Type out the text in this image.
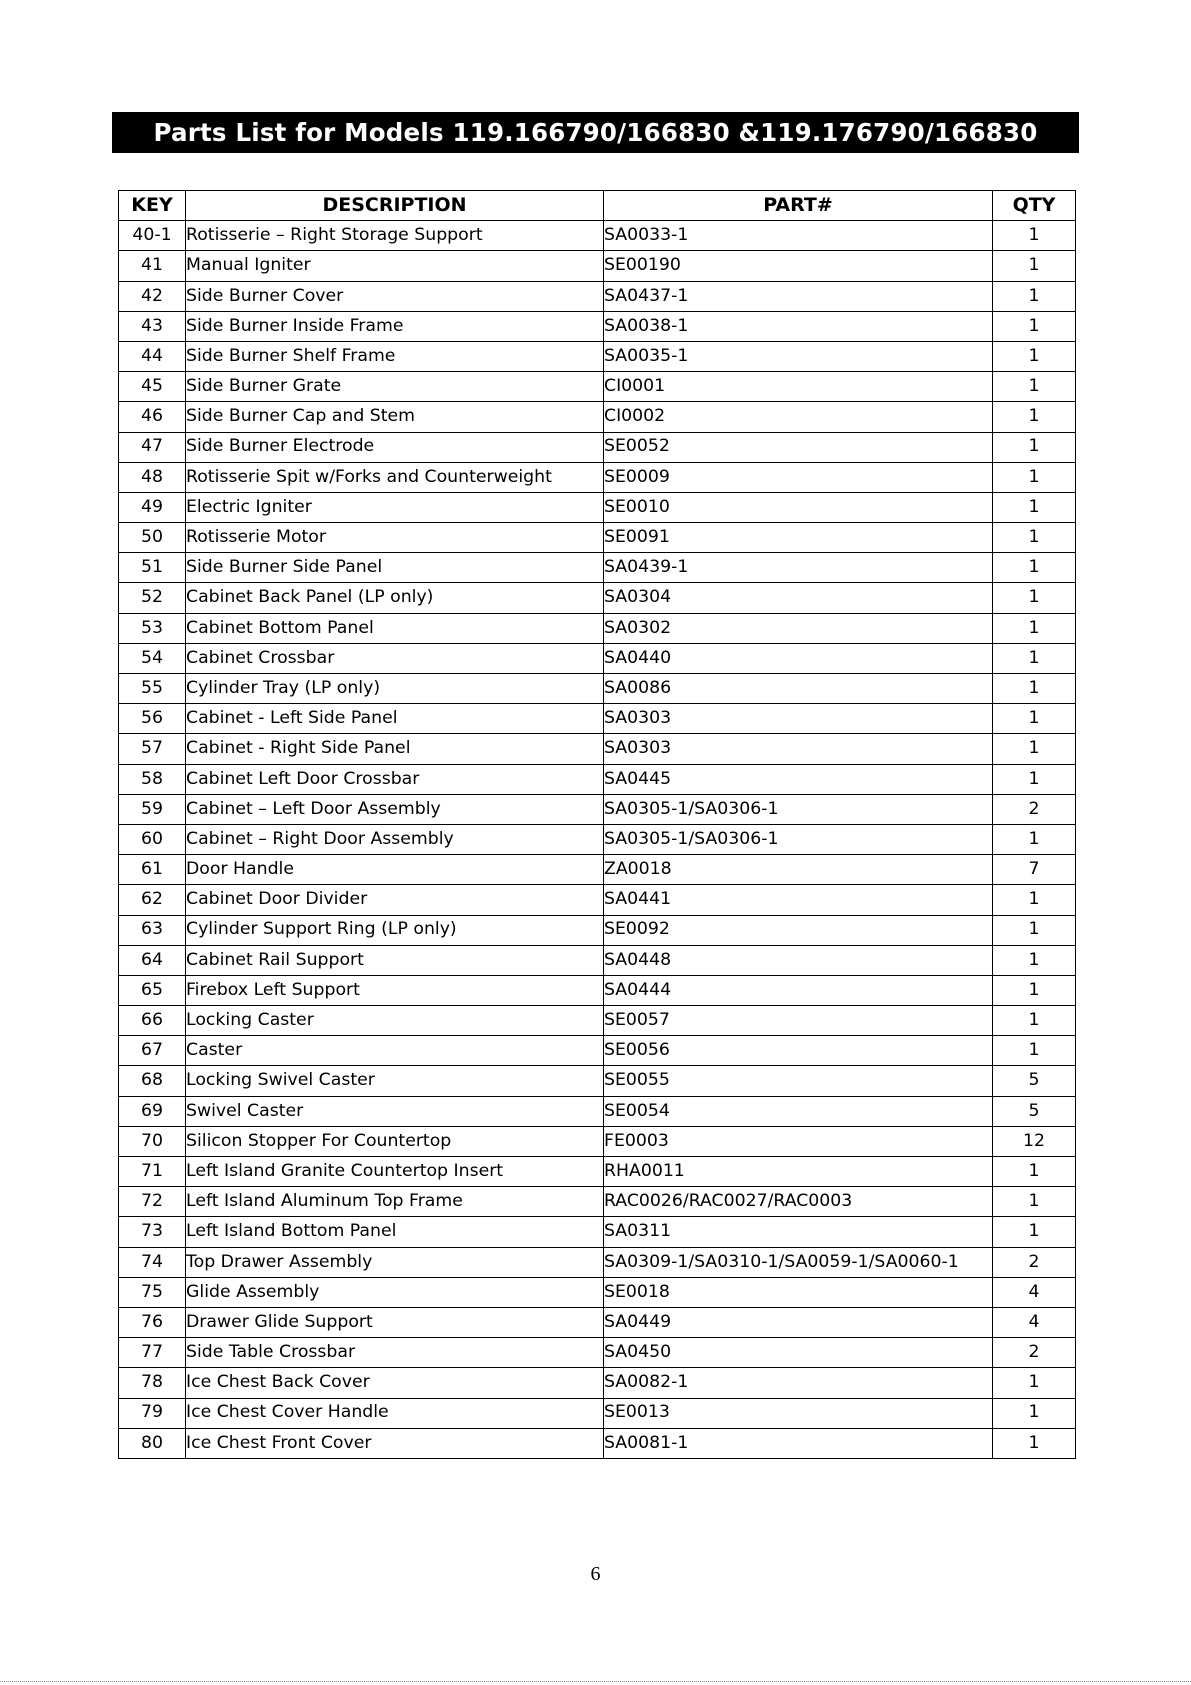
Parts List for Models 119.166790/166830 &119.176790/166830
KEY	DESCRIPTION	PART#	QTY
40-1	Rotisserie – Right Storage Support	SA0033-1	1
41	Manual Igniter	SE00190	1
42	Side Burner Cover	SA0437-1	1
43	Side Burner Inside Frame	SA0038-1	1
44	Side Burner Shelf Frame	SA0035-1	1
45	Side Burner Grate	CI0001	1
46	Side Burner Cap and Stem	CI0002	1
47	Side Burner Electrode	SE0052	1
48	Rotisserie Spit w/Forks and Counterweight	SE0009	1
49	Electric Igniter	SE0010	1
50	Rotisserie Motor	SE0091	1
51	Side Burner Side Panel	SA0439-1	1
52	Cabinet Back Panel (LP only)	SA0304	1
53	Cabinet Bottom Panel	SA0302	1
54	Cabinet Crossbar	SA0440	1
55	Cylinder Tray (LP only)	SA0086	1
56	Cabinet - Left Side Panel	SA0303	1
57	Cabinet - Right Side Panel	SA0303	1
58	Cabinet Left Door Crossbar	SA0445	1
59	Cabinet – Left Door Assembly	SA0305-1/SA0306-1	2
60	Cabinet – Right Door Assembly	SA0305-1/SA0306-1	1
61	Door Handle	ZA0018	7
62	Cabinet Door Divider	SA0441	1
63	Cylinder Support Ring (LP only)	SE0092	1
64	Cabinet Rail Support	SA0448	1
65	Firebox Left Support	SA0444	1
66	Locking Caster	SE0057	1
67	Caster	SE0056	1
68	Locking Swivel Caster	SE0055	5
69	Swivel Caster	SE0054	5
70	Silicon Stopper For Countertop	FE0003	12
71	Left Island Granite Countertop Insert	RHA0011	1
72	Left Island Aluminum Top Frame	RAC0026/RAC0027/RAC0003	1
73	Left Island Bottom Panel	SA0311	1
74	Top Drawer Assembly	SA0309-1/SA0310-1/SA0059-1/SA0060-1	2
75	Glide Assembly	SE0018	4
76	Drawer Glide Support	SA0449	4
77	Side Table Crossbar	SA0450	2
78	Ice Chest Back Cover	SA0082-1	1
79	Ice Chest Cover Handle	SE0013	1
80	Ice Chest Front Cover	SA0081-1	1
6
